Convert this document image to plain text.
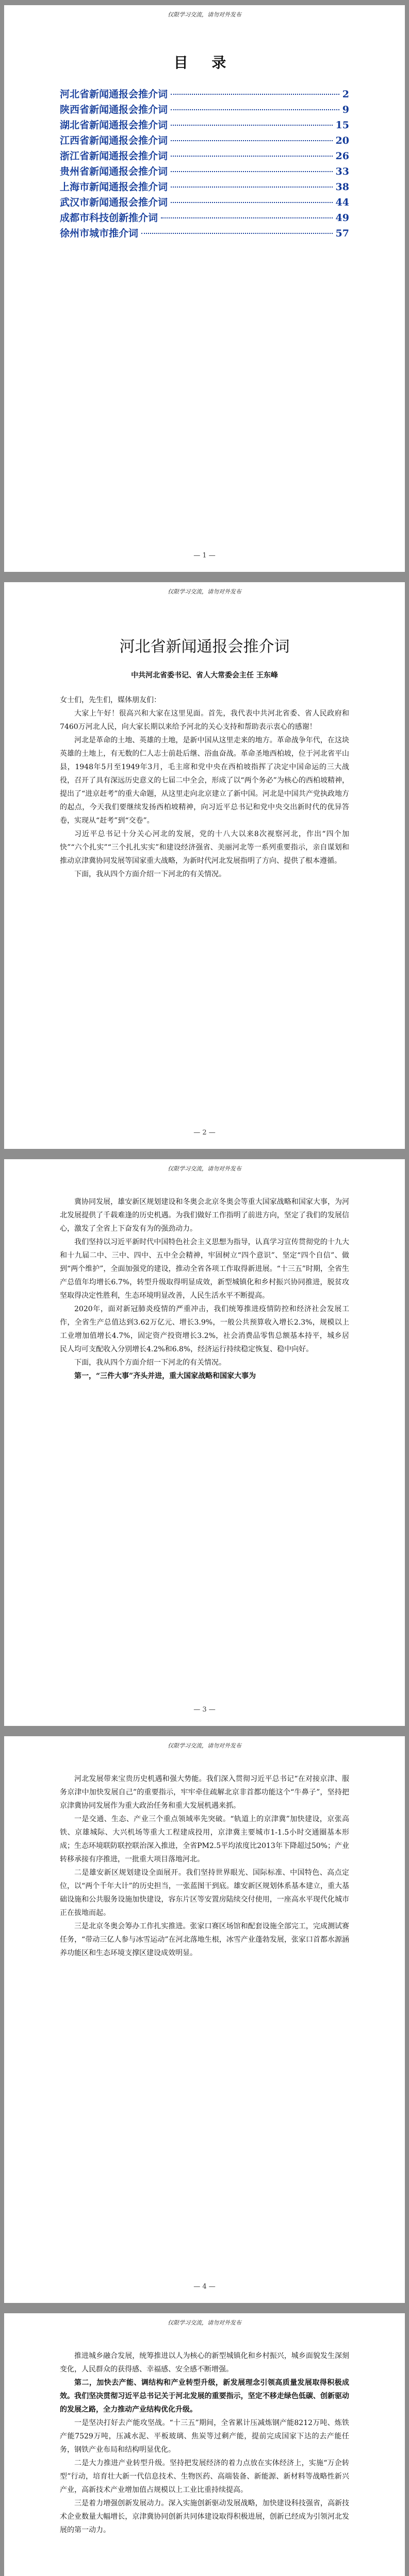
仅限学习交流，请勿对外发布
目 录
河北省新闻通报会推介词	2
陕西省新闻通报会推介词	9
湖北省新闻通报会推介词	15
江西省新闻通报会推介词	20
浙江省新闻通报会推介词	26
贵州省新闻通报会推介词	33
上海市新闻通报会推介词	38
武汉市新闻通报会推介词	44
成都市科技创新推介词	49
徐州市城市推介词	57
— 1 —
仅限学习交流，请勿对外发布
河北省新闻通报会推介词
中共河北省委书记、省人大常委会主任 王东峰

女士们，先生们，媒体朋友们：

大家上午好！很高兴和大家在这里见面。首先，我代表中共河北省委、省人民政府和7460万河北人民，向大家长期以来给予河北的关心支持和帮助表示衷心的感谢！

河北是革命的土地、英雄的土地，是新中国从这里走来的地方。革命战争年代，在这块英雄的土地上，有无数的仁人志士前赴后继、浴血奋战。革命圣地西柏坡，位于河北省平山县，1948年5月至1949年3月，毛主席和党中央在西柏坡指挥了决定中国命运的三大战役，召开了具有深远历史意义的七届二中全会，形成了以“两个务必”为核心的西柏坡精神，提出了“进京赶考”的重大命题，从这里走向北京建立了新中国。河北是中国共产党执政地方的起点，今天我们要继续发扬西柏坡精神，向习近平总书记和党中央交出新时代的优异答卷，实现从“赶考”到“交卷”。

习近平总书记十分关心河北的发展，党的十八大以来8次视察河北，作出“四个加快”“六个扎实”“三个扎扎实实”和建设经济强省、美丽河北等一系列重要指示，亲自谋划和推动京津冀协同发展等国家重大战略，为新时代河北发展指明了方向、提供了根本遵循。

下面，我从四个方面介绍一下河北的有关情况。

— 2 —
仅限学习交流，请勿对外发布

冀协同发展，雄安新区规划建设和冬奥会北京冬奥会等重大国家战略和国家大事，为河北发展提供了千载难逢的历史机遇。为我们做好工作指明了前进方向，坚定了我们的发展信心，激发了全省上下奋发有为的强劲动力。

我们坚持以习近平新时代中国特色社会主义思想为指导，认真学习宣传贯彻党的十九大和十九届二中、三中、四中、五中全会精神，牢固树立“四个意识”、坚定“四个自信”、做到“两个维护”，全面加强党的建设，推动全省各项工作取得新进展。“十三五”时期，全省生产总值年均增长6.7%，转型升级取得明显成效，新型城镇化和乡村振兴协同推进，脱贫攻坚取得决定性胜利，生态环境明显改善，人民生活水平不断提高。

2020年，面对新冠肺炎疫情的严重冲击，我们统筹推进疫情防控和经济社会发展工作，全省生产总值达到3.62万亿元、增长3.9%，一般公共预算收入增长2.3%，规模以上工业增加值增长4.7%，固定资产投资增长3.2%，社会消费品零售总额基本持平，城乡居民人均可支配收入分别增长4.2%和6.8%，经济运行持续稳定恢复、稳中向好。

下面，我从四个方面介绍一下河北的有关情况。

第一，“三件大事”齐头并进，重大国家战略和国家大事为

— 3 —
仅限学习交流，请勿对外发布

河北发展带来宝贵历史机遇和强大势能。我们深入贯彻习近平总书记“在对接京津、服务京津中加快发展自己”的重要指示，牢牢牵住疏解北京非首都功能这个“牛鼻子”，坚持把京津冀协同发展作为重大政治任务和重大发展机遇来抓。

一是交通、生态、产业三个重点领域率先突破。“轨道上的京津冀”加快建设，京张高铁、京雄城际、大兴机场等重大工程建成投用，京津冀主要城市1-1.5小时交通圈基本形成；生态环境联防联控联治深入推进，全省PM2.5平均浓度比2013年下降超过50%；产业转移承接有序推进，一批重大项目落地河北。

二是雄安新区规划建设全面展开。我们坚持世界眼光、国际标准、中国特色、高点定位，以“两个千年大计”的历史担当，一张蓝图干到底。雄安新区规划体系基本建立，重大基础设施和公共服务设施加快建设，容东片区等安置房陆续交付使用，一座高水平现代化城市正在拔地而起。

三是北京冬奥会筹办工作扎实推进。张家口赛区场馆和配套设施全部完工，完成测试赛任务，“带动三亿人参与冰雪运动”在河北落地生根，冰雪产业蓬勃发展，张家口首都水源涵养功能区和生态环境支撑区建设成效明显。

— 4 —
仅限学习交流，请勿对外发布

推进城乡融合发展，统筹推进以人为核心的新型城镇化和乡村振兴，城乡面貌发生深刻变化，人民群众的获得感、幸福感、安全感不断增强。

第二，加快去产能、调结构和产业转型升级，新发展理念引领高质量发展取得积极成效。我们坚决贯彻习近平总书记关于河北发展的重要指示，坚定不移走绿色低碳、创新驱动的发展之路，全力推动产业结构优化升级。

一是坚决打好去产能攻坚战。“十三五”期间，全省累计压减炼钢产能8212万吨、炼铁产能7529万吨，压减水泥、平板玻璃、焦炭等过剩产能，提前完成国家下达的去产能任务，钢铁产业布局和结构明显优化。

二是大力推进产业转型升级。坚持把发展经济的着力点放在实体经济上，实施“万企转型”行动，培育壮大新一代信息技术、生物医药、高端装备、新能源、新材料等战略性新兴产业，高新技术产业增加值占规模以上工业比重持续提高。

三是着力增强创新发展动力。深入实施创新驱动发展战略，加快建设科技强省，高新技术企业数量大幅增长，京津冀协同创新共同体建设取得积极进展，创新已经成为引领河北发展的第一动力。
